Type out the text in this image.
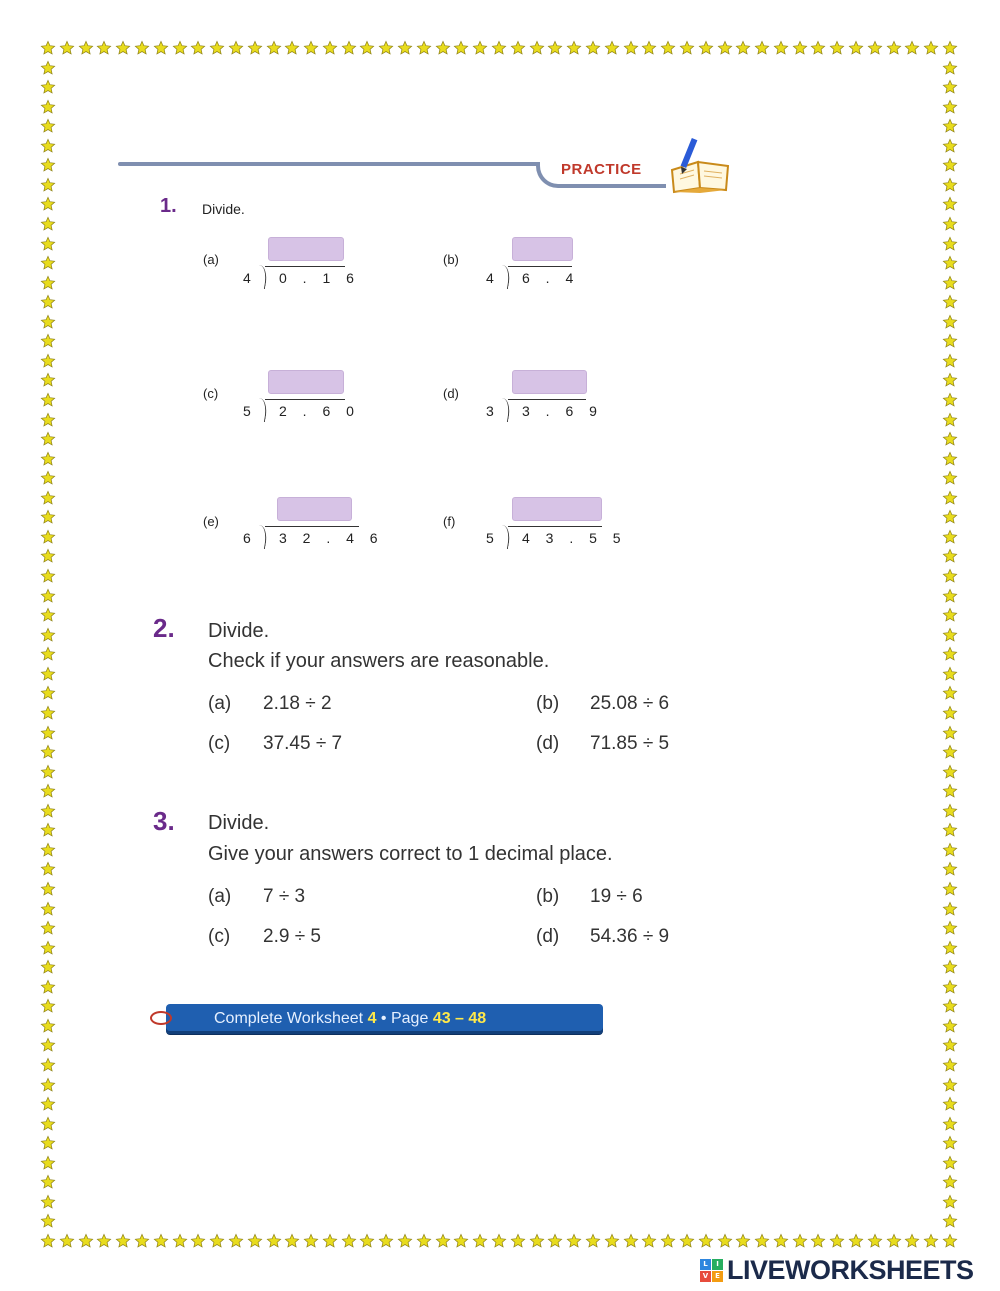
PRACTICE
1. Divide.
(a)
4 0 . 1 6
(b)
4 6 . 4
(c)
5 2 . 6 0
(d)
3 3 . 6 9
(e)
6 3 2 . 4 6
(f)
5 4 3 . 5 5
2. Divide.
Check if your answers are reasonable.
(a) 2.18 ÷ 2	(b) 25.08 ÷ 6
(c) 37.45 ÷ 7	(d) 71.85 ÷ 5
3. Divide.
Give your answers correct to 1 decimal place.
(a) 7 ÷ 3	(b) 19 ÷ 6
(c) 2.9 ÷ 5	(d) 54.36 ÷ 9
Complete Worksheet 4 • Page 43 – 48
L	I
V E LIVEWORKSHEETS
